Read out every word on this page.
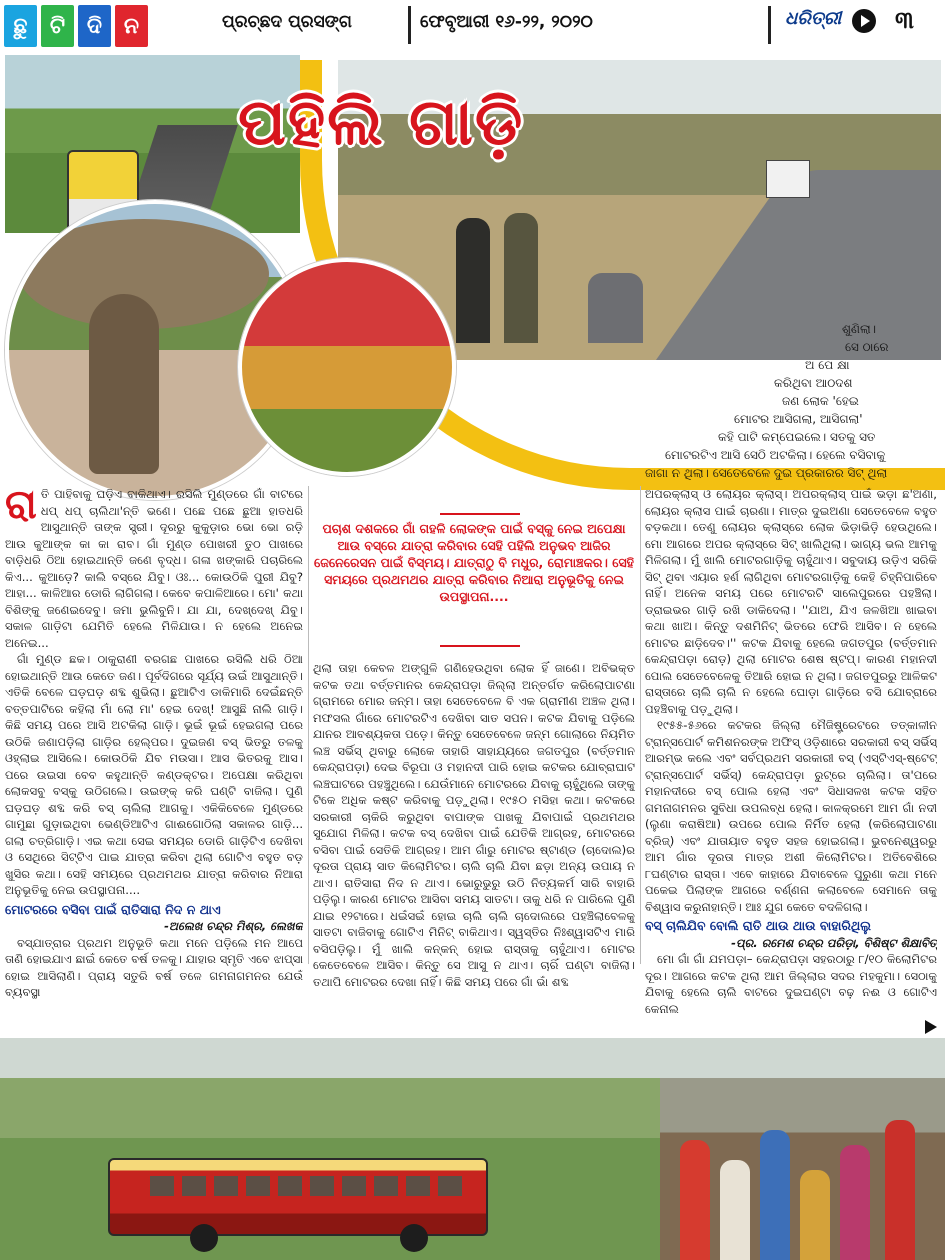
ଛୁ	ଟି ଦି ନ	ପ୍ରଚ୍ଛଦ ପ୍ରସଙ୍ଗ	ଫେବୃଆରୀ ୧୬-୨୨, ୨୦୨୦	ଧରିତ୍ରୀ ୩
ପହିଲି ଗାଡ଼ି
ଶୁଣିଲା।
ସେ ଠାରେ
ଅ ପେ କ୍ଷା
କରିଥିବା ଆଠଦଶ
ଜଣ ଲୋକ 'ହେଇ
ମୋଟର ଆସିଗଲା, ଆସିଗଲା'
କହି ପାଟି କମ୍ପେଇଲେ। ସତକୁ ସତ
ମୋଟରଟିଏ ଆସି ସେଠି ଅଟକିଲା। ହେଲେ ବସିବାକୁ
ଜାଗା ନ ଥିଲା। ସେତେବେଳେ ଦୁଇ ପ୍ରକାରର ସିଟ୍ ଥିଲା
ପଚାଶ ଦଶକରେ ଗାଁ ଗହଳି ଲୋକଙ୍କ ପାଇଁ ବସ୍‌କୁ ନେଇ ଅପେକ୍ଷା ଆଉ ବସ୍‌ରେ ଯାତ୍ରା କରିବାର ସେହି ପହିଲି ଅନୁଭବ ଆଜିର ଜେନେରେସନ ପାଇଁ ବିସ୍ମୟ। ଯାତ୍ରାଠୁ ବି ମଧୁର, ରୋମାଞ୍ଚକର। ସେହି ସମୟରେ ପ୍ରଥମଥର ଯାତ୍ରା କରିବାର ନିଆରା ଅନୁଭୂତିକୁ ନେଇ ଉପସ୍ଥାପନା....

ରାତି ପାହିବାକୁ ଘଡ଼ିଏ ବାକିଥାଏ। ରସିଲି ମୁଣ୍ଡରେ ଗାଁ ବାଟରେ ଧପ୍ ଧପ୍ ଚାଲିଥା'ନ୍ତି ଭଣେ। ପଛେ ପଛେ ଛୁଆ ହାତଧରି ଆସୁଥାନ୍ତି ତାଙ୍କ ସ୍ତ୍ରୀ। ଦୂରରୁ କୁକୁଡ଼ାର ଭୋ ଭୋ ରଡ଼ି ଆଉ କୁଆଙ୍କ କା କା ରାବ। ଗାଁ ମୁଣ୍ଡ ପୋଖରୀ ତୁଠ ପାଖରେ ବାଡ଼ିଧରି ଠିଆ ହୋଇଥାନ୍ତି ଜଣେ ବୃଦ୍ଧ। ଗଳା ଖଙ୍କାରି ପଚାରିଲେ କିଏ... କୁଆଡ଼େ? କାଲି ବସ୍‌ରେ ଯିବୁ। ଓଃ... କୋଉଠିକି ପୁରୀ ଯିବୁ? ଆହା... କାଳିଆର ଡୋରି ଲାଗିଗଲା। କେବେ କପାଳିଆରେ। ମୋ' କଥା ବିଶିଙ୍କୁ ଜଣେଇଦେବୁ। ଜମା ଭୁଲିବୁନି। ଯା ଯା, ଦେଖ୍ଦେଖ୍ ଯିବୁ। ସକାଳ ଗାଡ଼ିଟା ଯେମିତି ହେଲେ ମିଳିଯାଉ। ନ ହେଲେ ଅନେଇ ଅନେଇ...

ଗାଁ ମୁଣ୍ଡ ଛକ। ଠାକୁରାଣୀ ବରଗଛ ପାଖରେ ରସିଲି ଧରି ଠିଆ ହୋଇଥାନ୍ତି ଆଉ କେତେ ଜଣ। ପୂର୍ବଦିଗରେ ସୂର୍ଯ୍ୟ ଉଇଁ ଆସୁଥାନ୍ତି। ଏତିକି ବେଳେ ଘଡ଼ଘଡ଼ ଶବ୍ଦ ଶୁଭିଲା। ଛୁଆଟିଏ ଡାକିମାରି ଦେଇଁଛନ୍ତି ବତ୍ତପାଟିରେ କହିଲା ମାଁ ଲୋ ମା' ହେଇ ଦେଖ୍! ଆସୁଛି ନାଲି ଗାଡ଼ି। କିଛି ସମୟ ପରେ ଆସି ଅଟକିଲା ଗାଡ଼ି। ଭୂଇଁ ଭୂଇଁ ହେଇଗଲା ପରେ ଉଠିକି ଜଣାପଡ଼ିଲା ଗାଡ଼ିର ହେଲ୍‌ପର। ଦୁଇଜଣ ବସ୍ ଭିତରୁ ତଳକୁ ଓହ୍ଲାଇ ଆସିଲେ। କୋଉଠିକି ଯିବ ମଉସା। ଆସ ଭିତରକୁ ଆସ। ପରେ ଉଇସା ବେବ କହୁଥାନ୍ତି କଣ୍ଡକ୍ଟର। ଅପେକ୍ଷା କରିଥିବା ଲୋକସବୁ ବସ୍‌କୁ ଉଠିଗଲେ। ଉଇଙ୍କ୍ କରି ଘଣ୍ଟି ବାଜିଲା। ପୁଣି ଘଡ଼ଘଡ଼ ଶବ୍ଦ କରି ବସ୍ ଚାଲିଲା ଆଗକୁ। ଏକିକିବେଳେ ମୁଣ୍ଡରେ ଗାମୁଛା ଗୁଡ଼ାଇଥିବା ଭେଣ୍ଡିଆଟିଏ ଗାଈଗୋଠିଲା ସକାଳର ଗାଡ଼ି... ଗଲା ଚତ୍ରିଗାଡ଼ି। ଏଇ କଥା ସେଇ ସମୟର ଡୋରି ଗାଡ଼ିଟିଏ ଦେଖିବା ଓ ସେଥିରେ ସିଟ୍‌ଟିଏ ପାଇ ଯାତ୍ରା କରିବା ଥିଲା ଗୋଟିଏ ବହୁତ ବଡ଼ ଖୁସିର କଥା। ସେହି ସମୟରେ ପ୍ରଥମଥର ଯାତ୍ରା କରିବାର ନିଆରା ଅନୁଭୂତିକୁ ନେଇ ଉପସ୍ଥାପନା....

ମୋଟରରେ ବସିବା ପାଇଁ ରାତିସାରା ନିଦ ନ ଥାଏ
-ଅଲେଖ ଚନ୍ଦ୍ର ମିଶ୍ର, ଲେଖକ

ବସ୍‌ଯାତ୍ରାର ପ୍ରଥମ ଅନୁଭୂତି କଥା ମନେ ପଡ଼ିଲେ ମନ ଆପେ ତାଣି ହୋଇଯାଏ ଛାଇଁ କେତେ ବର୍ଷ ତଳକୁ। ଯାହାର ସ୍ମୃତି ଏବେ ଝାପ୍‌ସା ହୋଇ ଆସିଲାଣି। ପ୍ରାୟ ସତୁରି ବର୍ଷ ତଳେ ଗମନାଗମନର ଯେଉଁ ବ୍ୟବସ୍ଥା

ଥିଲା ତାହା କେବଳ ଅଙ୍ଗୁଳି ଗଣିହେଉଥିବା ଲୋକ ହିଁ ଜାଣେ। ଅବିଭକ୍ତ କଟକ ତଥା ବର୍ତ୍ତମାନର କେନ୍ଦ୍ରାପଡ଼ା ଜିଲ୍ଲା ଅନ୍ତର୍ଗତ କରିଲୋପାଟଣା ଗ୍ରାମରେ ମୋର ଜନ୍ମ। ତାହା ସେତେବେଳେ ବି ଏକ ଗ୍ରାମୀଣ ଅଞ୍ଚଳ ଥିଲା। ମଫସଲ ଗାଁରେ ମୋଟରଟିଏ ଦେଖିବା ସାତ ସପନ। କଟକ ଯିବାକୁ ପଡ଼ିଲେ ଯାନର ଆବଶ୍ୟକତା ପଡ଼େ। କିନ୍ତୁ ସେତେବେଳେ ଜନ୍ମ ଗୋଲାରେ ନିୟମିତ ଲଞ୍ଚ ସର୍ଭିସ୍ ଥିବାରୁ ଲୋକେ ତାହାରି ସାହାଯ୍ୟରେ ଜଗତପୁର (ବର୍ତ୍ତମାନ କେନ୍ଦ୍ରାପଡ଼ା) ଦେଇ ବିରୂପା ଓ ମହାନଦୀ ପାରି ହୋଇ କଟକର ଯୋବ୍ରାଘାଟ ଲଞ୍ଚଘାଟରେ ପହଞ୍ଚୁଥିଲେ। ଯେଉଁମାନେ ମୋଟରରେ ଯିବାକୁ ଚାହୁଁଥିଲେ ତାଙ୍କୁ ଟିକେ ଅଧିକ କଷ୍ଟ କରିବାକୁ ପଡ଼ୁଥିଲା। ୧୯୫୦ ମସିହା କଥା। କଟକରେ ସରକାରୀ ଚାକିରି କରୁଥିବା ବାପାଙ୍କ ପାଖକୁ ଯିବାପାଇଁ ପ୍ରଥମଥର ସୁଯୋଗ ମିଳିଲା। କଟକ ବସ୍ ଦେଖିବା ପାଇଁ ଯେତିକି ଆଗ୍ରହ, ମୋଟରରେ ବସିବା ପାଇଁ ସେତିକି ଆଗ୍ରହ। ଆମ ଗାଁରୁ ମୋଟର ଷ୍ଟାଣ୍ଡ (ଚାଦୋଲ)ର ଦୂରତା ପ୍ରାୟ ସାତ କିଲୋମିଟର। ଚାଲି ଚାଲି ଯିବା ଛଡ଼ା ଅନ୍ୟ ଉପାୟ ନ ଥାଏ। ରାତିସାରା ନିଦ ନ ଥାଏ। ଭୋରୁଭୁରୁ ଉଠି ନିତ୍ୟକର୍ମ ସାରି ବାହାରି ପଡ଼ିଲୁ। କାରଣ ମୋଟର ଆସିବା ସମୟ ସାତଟା। ତାକୁ ଧରି ନ ପାରିଲେ ପୁଣି ଯାଇ ୧୨ଟାରେ। ଧଇଁସଇଁ ହୋଇ ଚାଲି ଚାଲି ଚାଦୋଲରେ ପହଞ୍ଚିଲାବେଳକୁ ସାତଟା ବାଜିବାକୁ ଗୋଟିଏ ମିନିଟ୍ ବାକିଥାଏ। ସ୍ୱସ୍ତିର ନିଃଶ୍ୱାସଟିଏ ମାରି ବସିପଡ଼ିଲୁ। ମୁଁ ଖାଲି କନ୍‌କନ୍ ହୋଇ ରାସ୍ତାକୁ ଚାହୁଁଥାଏ। ମୋଟର କେତେବେଳେ ଆସିବ। କିନ୍ତୁ ସେ ଆସୁ ନ ଥାଏ। ଚାରିଁ ଘଣ୍ଟା ବାଜିଲା। ତଥାପି ମୋଟରର ଦେଖା ନାହିଁ। କିଛି ସମୟ ପରେ ଗାଁ ଭାଁ ଶବ୍ଦ

ଅପରକ୍ଲାସ୍ ଓ ଲୋୟର କ୍ଲାସ୍। ଅପରକ୍ଲାସ୍ ପାଇଁ ଭଡ଼ା ଛ'ଅଣା, ଲୋୟର କ୍ଲାସ ପାଇଁ ଚାରଣା। ମାତ୍ର ଦୁଇଅଣା ସେତେବେଳେ ବହୁତ ବଡ଼କଥା। ତେଣୁ ଲୋୟର କ୍ଲାସ୍‌ରେ ଲୋକ ଭିଡ଼ାଭିଡ଼ି ହେଉଥିଲେ। ମୋ ଆଗରେ ଅପର କ୍ଲାସ୍‌ରେ ସିଟ୍ ଖାଲିଥିଲା। ଭାଗ୍ୟ ଭଲ ଆମକୁ ମିଳିଗଲା। ମୁଁ ଖାଲି ମୋଟରଗାଡ଼ିକୁ ଚାହୁଁଥାଏ। ସବୁଦାୟ ଉଡ଼ିଏ ସରିକି ସିଟ୍ ଥିବା ଏୟାର ହର୍ଣ ଲାଗିଥିବା ମୋଟରଗାଡ଼ିକୁ କେହି ଚିହ୍ନିପାରିବେ ନାହିଁ। ଅନେକ ସମୟ ପରେ ମୋଟରଟି ସାଲେପୁରରେ ପହଞ୍ଚିଲା। ଡ୍ରାଇଭର ଗାଡ଼ି ରଖି ଡାକିଦେଲା। ''ଯାଅ, ଯିଏ ଜଳଖିଆ ଖାଇବା କଥା ଖାଅ। କିନ୍ତୁ ଦଶମିନିଟ୍ ଭିତରେ ଫେରି ଆସିବ। ନ ହେଲେ ମୋଟର ଛାଡ଼ିଦେବ।'' କଟକ ଯିବାକୁ ହେଲେ ଜଗତପୁର (ବର୍ତ୍ତମାନ କେନ୍ଦ୍ରାପଡ଼ା ରୋଡ଼) ଥିଲା ମୋଟର ଶେଷ ଷ୍ଟପ୍। କାରଣ ମହାନଦୀ ପୋଲ ସେତେବେଳେକୁ ତିଆରି ହୋଇ ନ ଥିଲା। ଜଗତପୁରରୁ ଆଳିକଟ ରାସ୍ତାରେ ଚାଲି ଚାଲି ନ ହେଲେ ଘୋଡ଼ା ଗାଡ଼ିରେ ବସି ଯୋବ୍ରାରେ ପହଞ୍ଚିବାକୁ ପଡ଼ୁଥିଲା।

୧୯୫୫-୫୬ରେ କଟକର ଜିଲ୍ଲା ମୈଜିଷ୍ଟ୍ରେଟରେ ତତ୍‌କାଳୀନ ଟ୍ରାନ୍ସପୋର୍ଟ କମିଶନରଙ୍କ ଅଫିସ୍ ଓଡ଼ିଶାରେ ସରକାରୀ ବସ୍ ସର୍ଭିସ୍ ଆରମ୍ଭ କଲେ ଏବଂ ସର୍ବପ୍ରଥମ ସରକାରୀ ବସ୍ (ଏସ୍‌ଟିଏସ୍-ଷ୍ଟେଟ୍ ଟ୍ରାନ୍ସପୋର୍ଟ ସର୍ଭିସ୍) କେନ୍ଦ୍ରାପଡ଼ା ରୁଟ୍‌ରେ ଚାଲିଲା। ତା'ପରେ ମହାନଦୀରେ ବସ୍ ପୋଲ ହେଲା ଏବଂ ସିଧାସଳଖ କଟକ ସହିତ ଗମନାଗମନର ସୁବିଧା ଉପଲବ୍ଧ ହେଲା। କାଳକ୍ରମେ ଆମ ଗାଁ ନଦୀ (ଲୁଣା କରାଷିଆ) ଉପରେ ପୋଲ ନିର୍ମିତ ହେଲା (କରିଲୋପାଟଣା ବ୍ରିଜ୍) ଏବଂ ଯାତାୟାତ ବହୁତ ସହଜ ହୋଇଗଲା। ଭୁବନେଶ୍ୱରରୁ ଆମ ଗାଁର ଦୂରତା ମାତ୍ର ଅଶୀ କିଲୋମିଟର। ଅତିବେଶିରେ ୮ଘଣ୍ଟାର ରାସ୍ତା। ଏବେ କାହାରେ ଯିବାବେଳେ ପୁରୁଣା କଥା ମନେ ପକେଇ ପିଲାଙ୍କ ଆଗରେ ବର୍ଣ୍ଣନା କଲାବେଳେ ସେମାନେ ତାକୁ ବିଶ୍ୱାସ କରୁନାହାନ୍ତି। ଆଃ ଯୁଗ କେତେ ବଦଳିଗଲା।

ବସ୍ ଚାଲିଯିବ ବୋଲି ରାତି ଥାଉ ଥାଉ ବାହାରିଥିଲୁ
-ପ୍ର. ରମେଶ ଚନ୍ଦ୍ର ପରିଡ଼ା, ବିଶିଷ୍ଟ ଶିକ୍ଷାବିତ୍

ମୋ ଗାଁ ଗାଁ ଯମପଡ଼ା– କେନ୍ଦ୍ରାପଡ଼ା ସହରଠାରୁ ୮/୧୦ କିଲୋମିଟର ଦୂର। ଆଗରେ କଟକ ଥିଲା ଆମ ଜିଲ୍ଲାର ସଦର ମହକୁମା। ସେଠାକୁ ଯିବାକୁ ହେଲେ ଚାଲି ବାଟରେ ଦୁଇଘଣ୍ଟା ବଢ଼ ନଈ ଓ ଗୋଟିଏ କେନାଲ
